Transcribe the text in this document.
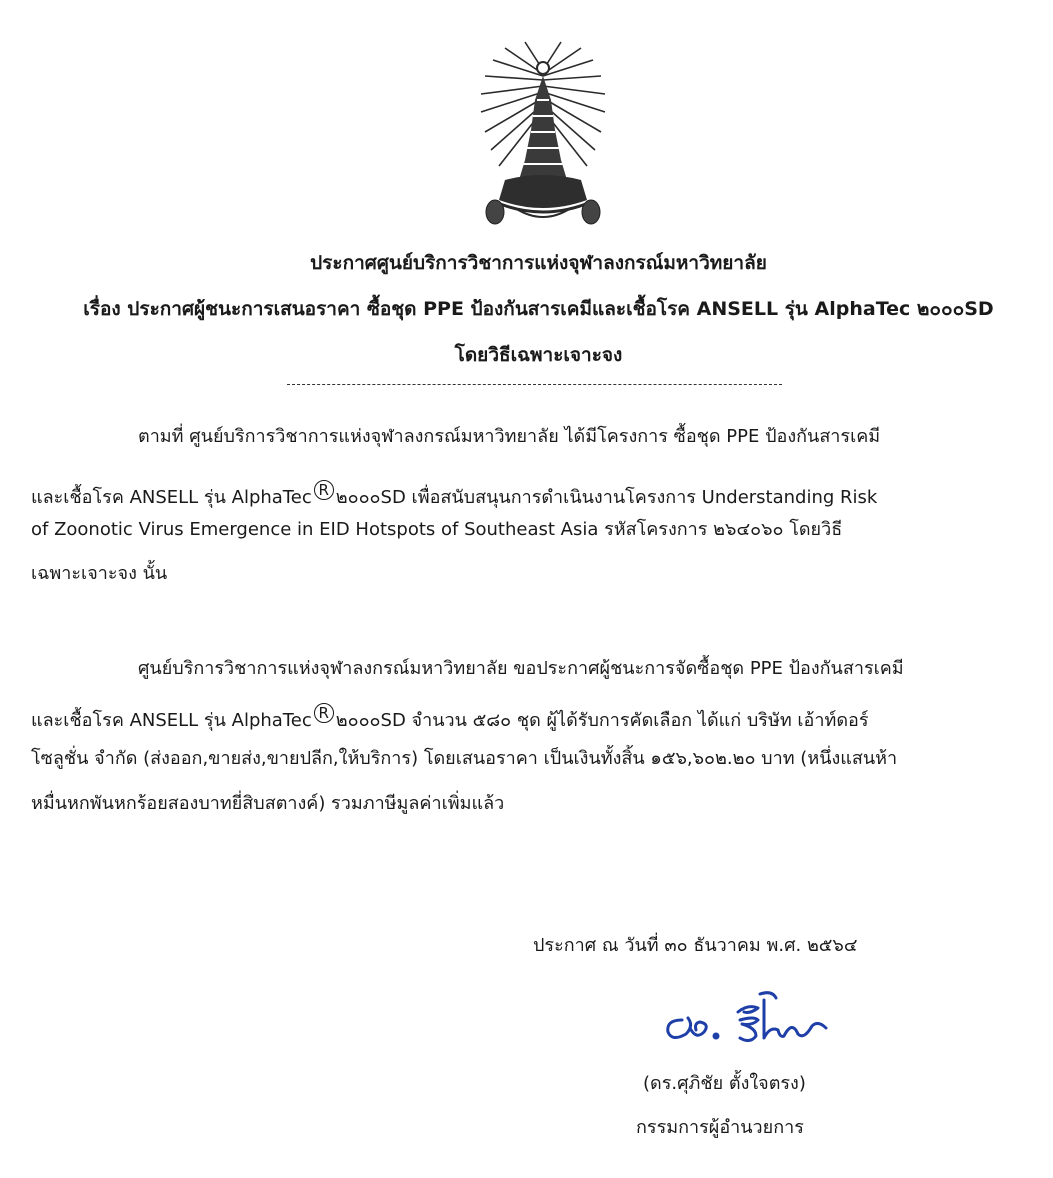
ประกาศศูนย์บริการวิชาการแห่งจุฬาลงกรณ์มหาวิทยาลัย
เรื่อง ประกาศผู้ชนะการเสนอราคา ซื้อชุด PPE ป้องกันสารเคมีและเชื้อโรค ANSELL รุ่น AlphaTec ๒๐๐๐SD
โดยวิธีเฉพาะเจาะจง
ตามที่ ศูนย์บริการวิชาการแห่งจุฬาลงกรณ์มหาวิทยาลัย ได้มีโครงการ ซื้อชุด PPE ป้องกันสารเคมี
และเชื้อโรค ANSELL รุ่น AlphaTec R ๒๐๐๐SD เพื่อสนับสนุนการดำเนินงานโครงการ Understanding Risk
of Zoonotic Virus Emergence in EID Hotspots of Southeast Asia รหัสโครงการ ๒๖๔๐๖๐ โดยวิธี
เฉพาะเจาะจง นั้น
ศูนย์บริการวิชาการแห่งจุฬาลงกรณ์มหาวิทยาลัย ขอประกาศผู้ชนะการจัดซื้อชุด PPE ป้องกันสารเคมี
และเชื้อโรค ANSELL รุ่น AlphaTec R ๒๐๐๐SD จำนวน ๕๘๐ ชุด ผู้ได้รับการคัดเลือก ได้แก่ บริษัท เอ้าท์ดอร์
โซลูชั่น จำกัด (ส่งออก,ขายส่ง,ขายปลีก,ให้บริการ) โดยเสนอราคา เป็นเงินทั้งสิ้น ๑๕๖,๖๐๒.๒๐ บาท (หนึ่งแสนห้า
หมื่นหกพันหกร้อยสองบาทยี่สิบสตางค์) รวมภาษีมูลค่าเพิ่มแล้ว
ประกาศ ณ วันที่ ๓๐ ธันวาคม พ.ศ. ๒๕๖๔
(ดร.ศุภิชัย ตั้งใจตรง)
กรรมการผู้อำนวยการ
